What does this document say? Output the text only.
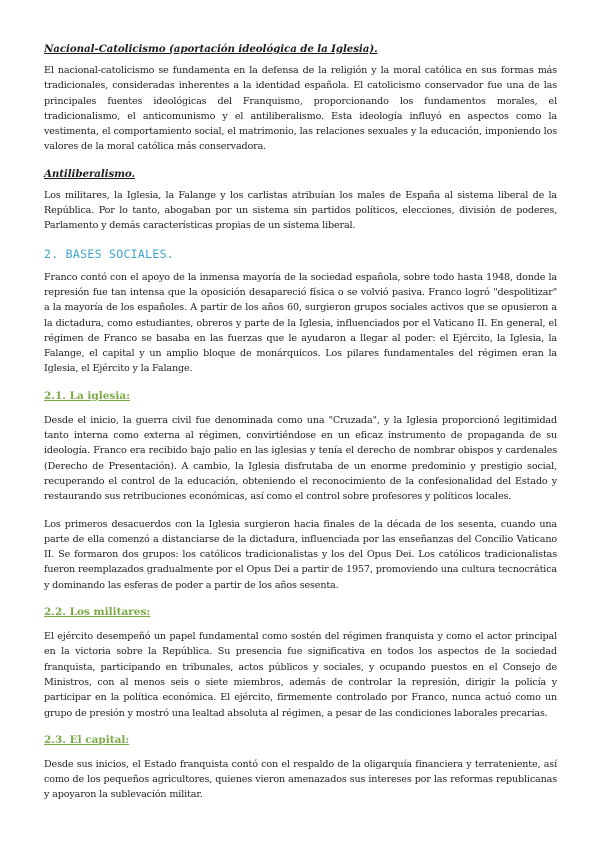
Nacional-Catolicismo (aportación ideológica de la Iglesia).

El nacional-catolicismo se fundamenta en la defensa de la religión y la moral católica en sus formas más tradicionales, consideradas inherentes a la identidad española. El catolicismo conservador fue una de las principales fuentes ideológicas del Franquismo, proporcionando los fundamentos morales, el tradicionalismo, el anticomunismo y el antiliberalismo. Esta ideología influyó en aspectos como la vestimenta, el comportamiento social, el matrimonio, las relaciones sexuales y la educación, imponiendo los valores de la moral católica más conservadora.

Antiliberalismo.

Los militares, la Iglesia, la Falange y los carlistas atribuían los males de España al sistema liberal de la República. Por lo tanto, abogaban por un sistema sin partidos políticos, elecciones, división de poderes, Parlamento y demás características propias de un sistema liberal.

2. BASES SOCIALES.

Franco contó con el apoyo de la inmensa mayoría de la sociedad española, sobre todo hasta 1948, donde la represión fue tan intensa que la oposición desapareció física o se volvió pasiva. Franco logró "despolitizar" a la mayoría de los españoles. A partir de los años 60, surgieron grupos sociales activos que se opusieron a la dictadura, como estudiantes, obreros y parte de la Iglesia, influenciados por el Vaticano II. En general, el régimen de Franco se basaba en las fuerzas que le ayudaron a llegar al poder: el Ejército, la Iglesia, la Falange, el capital y un amplio bloque de monárquicos. Los pilares fundamentales del régimen eran la Iglesia, el Ejército y la Falange.

2.1. La iglesia:

Desde el inicio, la guerra civil fue denominada como una "Cruzada", y la Iglesia proporcionó legitimidad tanto interna como externa al régimen, convirtiéndose en un eficaz instrumento de propaganda de su ideología. Franco era recibido bajo palio en las iglesias y tenía el derecho de nombrar obispos y cardenales (Derecho de Presentación). A cambio, la Iglesia disfrutaba de un enorme predominio y prestigio social, recuperando el control de la educación, obteniendo el reconocimiento de la confesionalidad del Estado y restaurando sus retribuciones económicas, así como el control sobre profesores y políticos locales.

Los primeros desacuerdos con la Iglesia surgieron hacia finales de la década de los sesenta, cuando una parte de ella comenzó a distanciarse de la dictadura, influenciada por las enseñanzas del Concilio Vaticano II. Se formaron dos grupos: los católicos tradicionalistas y los del Opus Dei. Los católicos tradicionalistas fueron reemplazados gradualmente por el Opus Dei a partir de 1957, promoviendo una cultura tecnocrática y dominando las esferas de poder a partir de los años sesenta.

2.2. Los militares:

El ejército desempeñó un papel fundamental como sostén del régimen franquista y como el actor principal en la victoria sobre la República. Su presencia fue significativa en todos los aspectos de la sociedad franquista, participando en tribunales, actos públicos y sociales, y ocupando puestos en el Consejo de Ministros, con al menos seis o siete miembros, además de controlar la represión, dirigir la policía y participar en la política económica. El ejército, firmemente controlado por Franco, nunca actuó como un grupo de presión y mostró una lealtad absoluta al régimen, a pesar de las condiciones laborales precarias.

2.3. El capital:

Desde sus inicios, el Estado franquista contó con el respaldo de la oligarquía financiera y terrateniente, así como de los pequeños agricultores, quienes vieron amenazados sus intereses por las reformas republicanas y apoyaron la sublevación militar.
